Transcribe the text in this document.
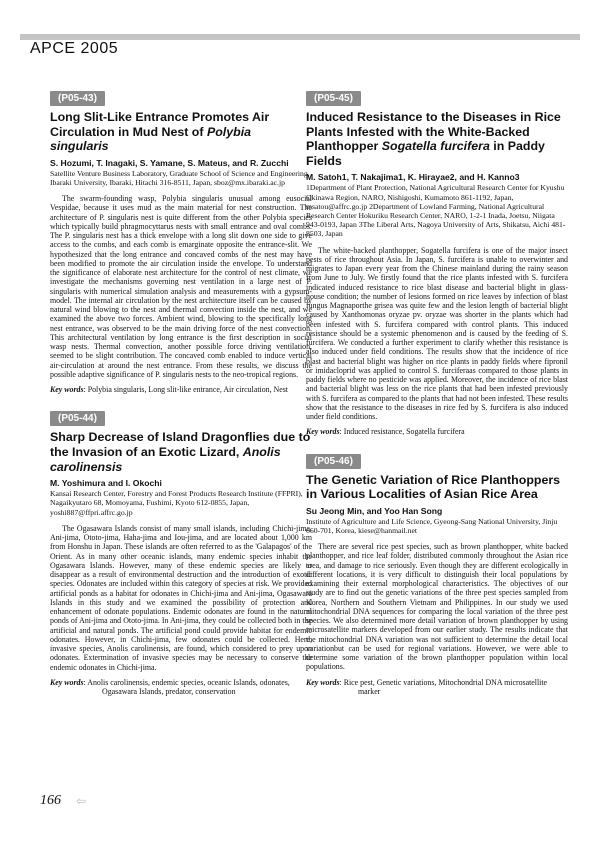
APCE 2005
(P05-43)
Long Slit-Like Entrance Promotes Air Circulation in Mud Nest of Polybia singularis
S. Hozumi, T. Inagaki, S. Yamane, S. Mateus, and R. Zucchi
Satellite Venture Business Laboratory, Graduate School of Science and Engineering, Ibaraki University, Ibaraki, Hitachi 316-8511, Japan, sboz@mx.ibaraki.ac.jp

The swarm-founding wasp, Polybia singularis unusual among eusocial Vespidae, because it uses mud as the main material for nest construction. The architecture of P. singularis nest is quite different from the other Polybia species which typically build phragmocyttarus nests with small entrance and oval combs. The P. singularis nest has a thick envelope with a long slit down one side to give access to the combs, and each comb is emarginate opposite the entrance-slit. We hypothesized that the long entrance and concaved combs of the nest may have been modified to promote the air circulation inside the envelope. To understand the significance of elaborate nest architecture for the control of nest climate, we investigate the mechanisms governing nest ventilation in a large nest of P. singularis with numerical simulation analysis and measurements with a gypsum-model. The internal air circulation by the nest architecture itself can be caused by natural wind blowing to the nest and thermal convection inside the nest, and we examined the above two forces. Ambient wind, blowing to the specifically long nest entrance, was observed to be the main driving force of the nest convection. This architectural ventilation by long entrance is the first description in social wasp nests. Thermal convection, another possible force driving ventilation, seemed to be slight contribution. The concaved comb enabled to induce vertical air-circulation at around the nest entrance. From these results, we discuss the possible adaptive significance of P. singularis nests to the neo-tropical regions.

Key words: Polybia singularis, Long slit-like entrance, Air circulation, Nest

(P05-44)
Sharp Decrease of Island Dragonflies due to the Invasion of an Exotic Lizard, Anolis carolinensis
M. Yoshimura and I. Okochi
Kansai Research Center, Forestry and Forest Products Research Institute (FFPRI), Nagaikyutaro 68, Momoyama, Fushimi, Kyoto 612-0855, Japan, yoshi887@ffpri.affrc.go.jp

The Ogasawara Islands consist of many small islands, including Chichi-jima, Ani-jima, Ototo-jima, Haha-jima and Iou-jima, and are located about 1,000 km from Honshu in Japan. These islands are often referred to as the 'Galapagos' of the Orient. As in many other oceanic islands, many endemic species inhabit the Ogasawara Islands. However, many of these endemic species are likely to disappear as a result of environmental destruction and the introduction of exotic species. Odonates are included within this category of species at risk. We provided artificial ponds as a habitat for odonates in Chichi-jima and Ani-jima, Ogasawara Islands in this study and we examined the possibility of protection and enhancement of odonate populations. Endemic odonates are found in the natural ponds of Ani-jima and Ototo-jima. In Ani-jima, they could be collected both in the artificial and natural ponds. The artificial pond could provide habitat for endemic odonates. However, in Chichi-jima, few odonates could be collected. Here, invasive species, Anolis carolinensis, are found, which considered to prey upon odonates. Extermination of invasive species may be necessary to conserve the endemic odonates in Chichi-jima.

Key words: Anolis carolinensis, endemic species, oceanic Islands, odonates, Ogasawara Islands, predator, conservation

(P05-45)
Induced Resistance to the Diseases in Rice Plants Infested with the White-Backed Planthopper Sogatella furcifera in Paddy Fields
M. Satoh1, T. Nakajima1, K. Hirayae2, and H. Kanno3
1Department of Plant Protection, National Agricultural Research Center for Kyushu Okinawa Region, NARO, Nishigoshi, Kumamoto 861-1192, Japan, msatou@affrc.go.jp 2Department of Lowland Farming, National Agricultural Research Center Hokuriku Research Center, NARO, 1-2-1 Inada, Joetsu, Niigata 943-0193, Japan 3The Liberal Arts, Nagoya University of Arts, Shikatsu, Aichi 481-8503, Japan

The white-backed planthopper, Sogatella furcifera is one of the major insect pests of rice throughout Asia. In Japan, S. furcifera is unable to overwinter and migrates to Japan every year from the Chinese mainland during the rainy season from June to July. We firstly found that the rice plants infested with S. furcifera indicated induced resistance to rice blast disease and bacterial blight in glass-house condition; the number of lesions formed on rice leaves by infection of blast fungus Magnaporthe grisea was quite few and the lesion length of bacterial blight caused by Xanthomonas oryzae pv. oryzae was shorter in the plants which had been infested with S. furcifera compared with control plants. This induced resistance should be a systemic phenomenon and is caused by the feeding of S. furcifera. We conducted a further experiment to clarify whether this resistance is also induced under field conditions. The results show that the incidence of rice blast and bacterial blight was higher on rice plants in paddy fields where fipronil or imidacloprid was applied to control S. furciferaas compared to those plants in paddy fields where no pesticide was applied. Moreover, the incidence of rice blast and bacterial blight was less on the rice plants that had been infested previously with S. furcifera as compared to the plants that had not been infested. These results show that the resistance to the diseases in rice fed by S. furcifera is also induced under field conditions.

Key words: Induced resistance, Sogatella furcifera

(P05-46)
The Genetic Variation of Rice Planthoppers in Various Localities of Asian Rice Area
Su Jeong Min, and Yoo Han Song
Institute of Agriculture and Life Science, Gyeong-Sang National University, Jinju 660-701, Korea, kiese@hanmail.net

There are several rice pest species, such as brown planthopper, white backed planthopper, and rice leaf folder, distributed commonly throughout the Asian rice area, and damage to rice seriously. Even though they are different ecologically in different locations, it is very difficult to distinguish their local populations by examining their external morphological characteristics. The objectives of our study are to find out the genetic variations of the three pest species sampled from Korea, Northern and Southern Vietnam and Philippines. In our study we used mitochondrial DNA sequences for comparing the local variation of the three pest species. We also determined more detail variation of brown planthopper by using microsatellite markers developed from our earlier study. The results indicate that the mitochondrial DNA variation was not sufficient to determine the detail local variationbut can be used for regional variations. However, we were able to determine some variation of the brown planthopper population within local populations.

Key words: Rice pest, Genetic variations, Mitochondrial DNA microsatellite marker

166 ⇦
